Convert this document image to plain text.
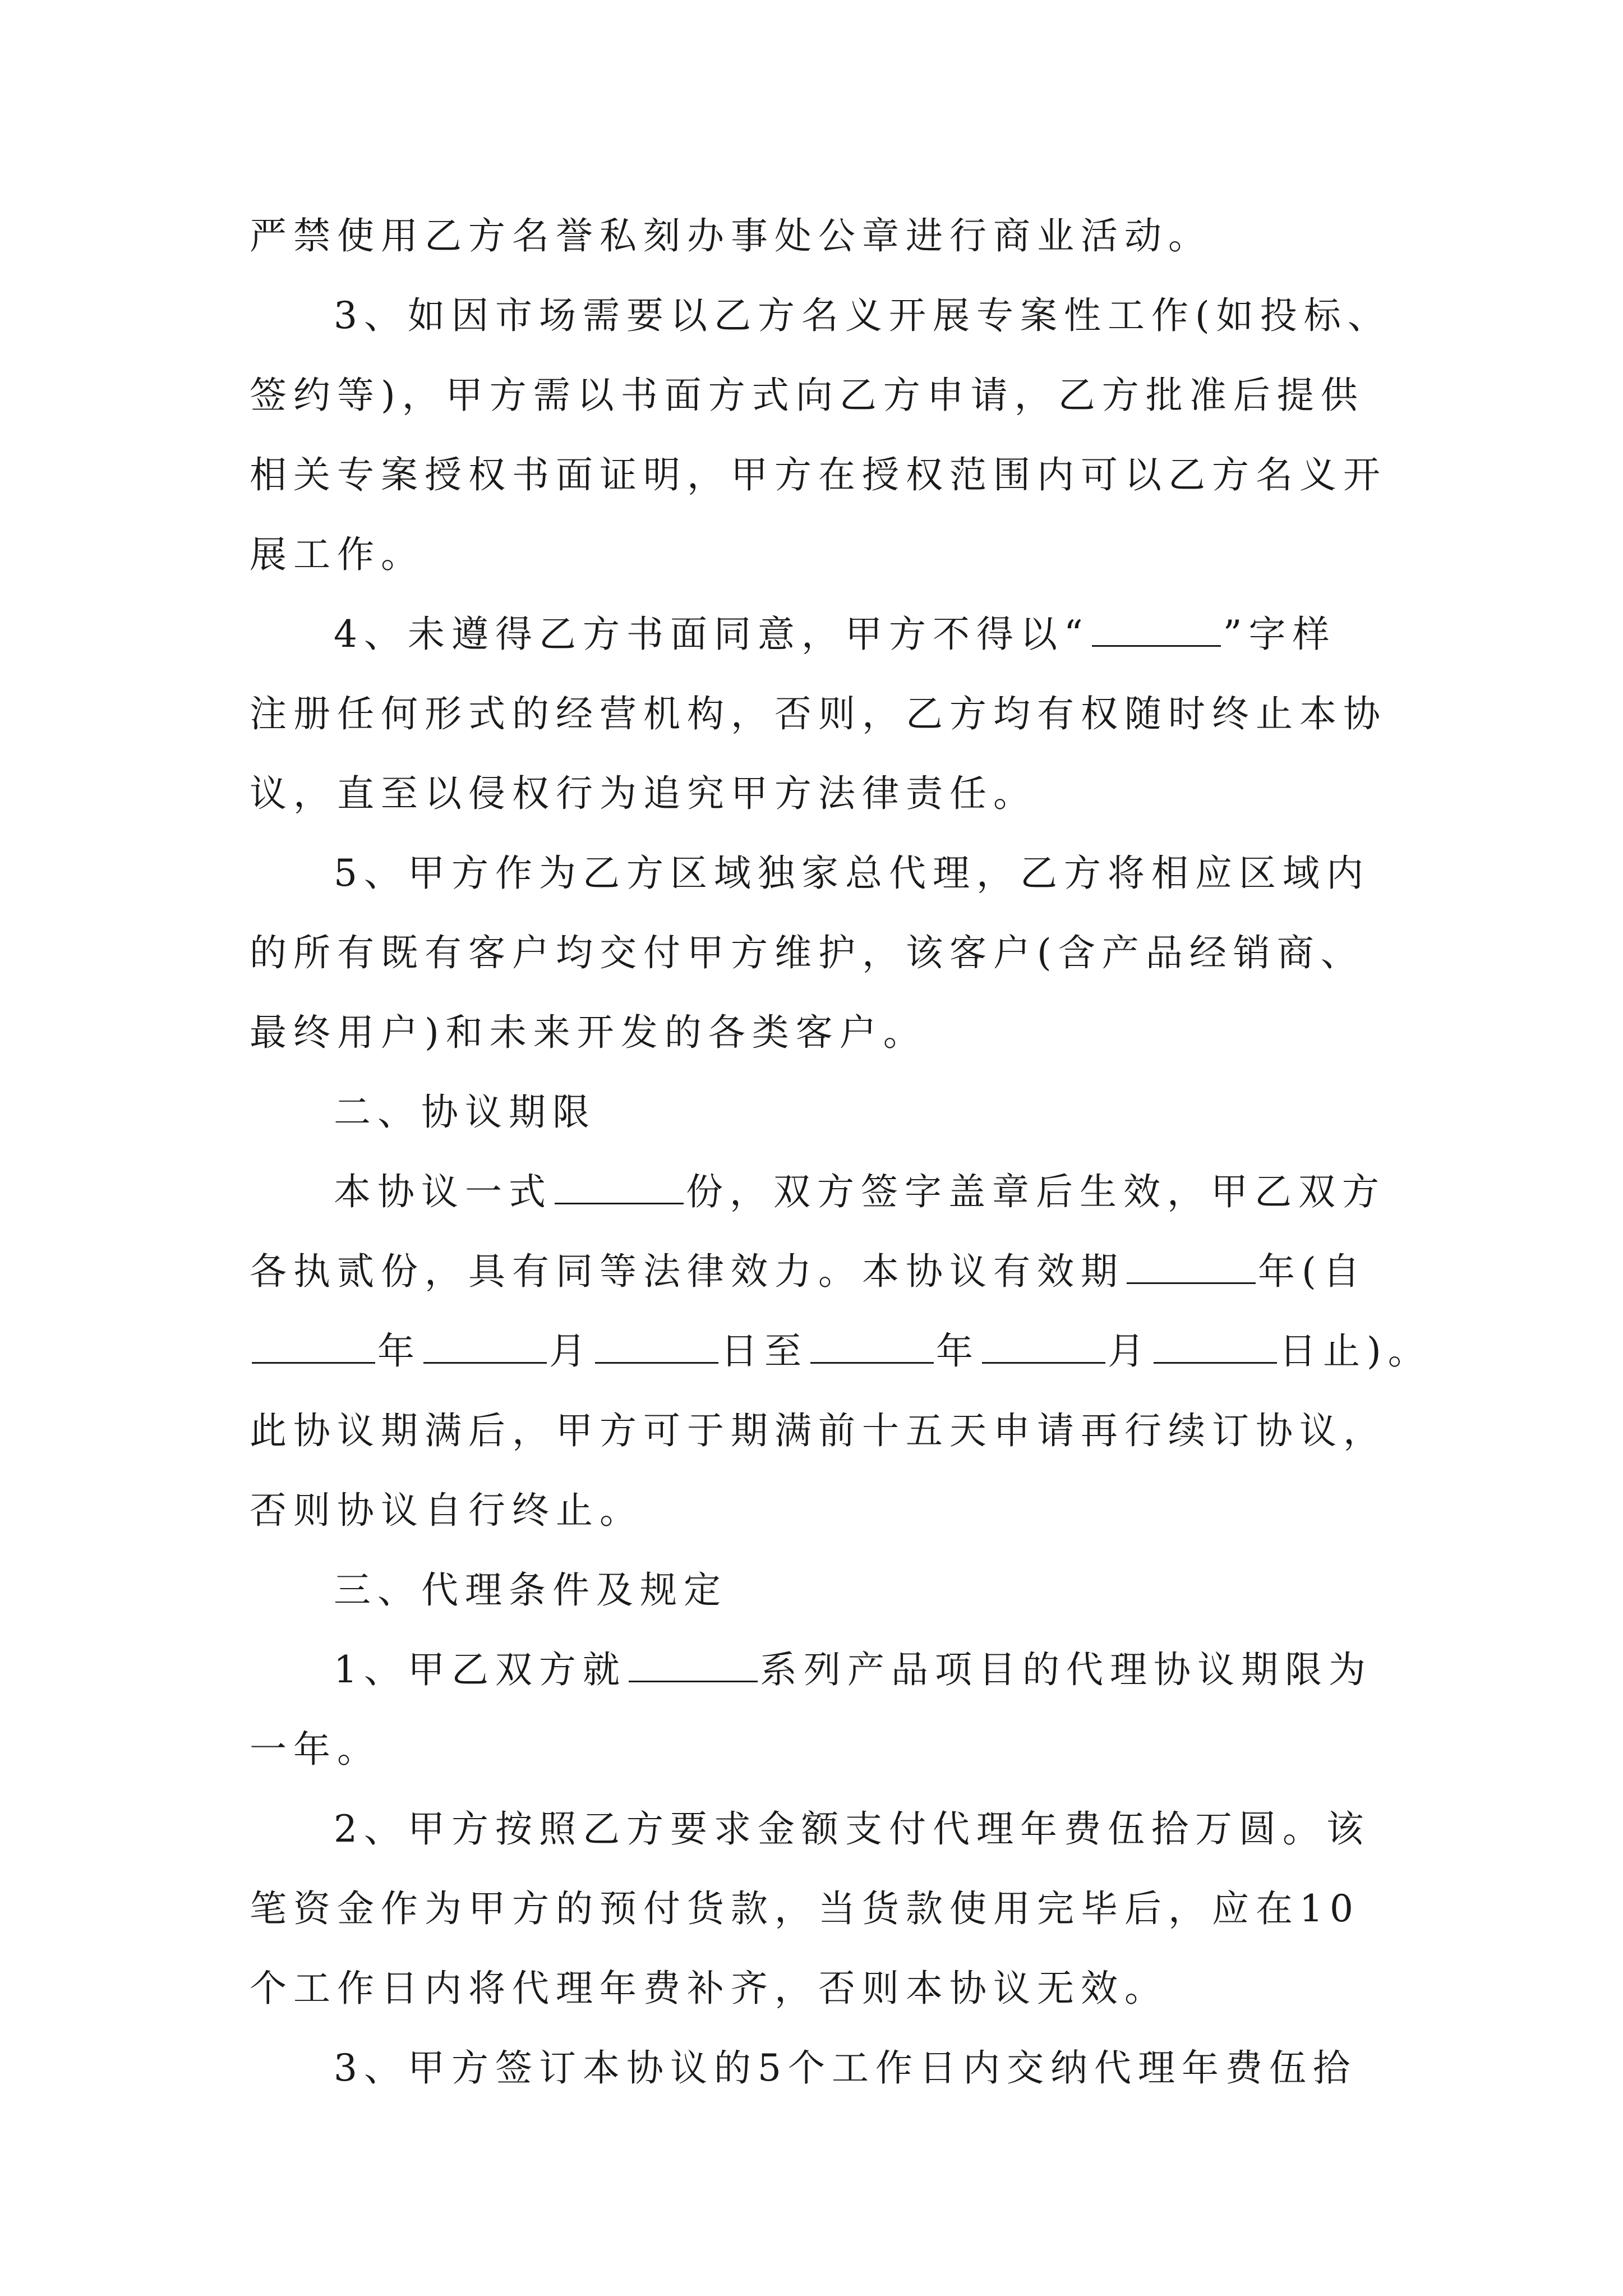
严禁使用乙方名誉私刻办事处公章进行商业活动。
3、如因市场需要以乙方名义开展专案性工作(如投标、
签约等)，甲方需以书面方式向乙方申请，乙方批准后提供
相关专案授权书面证明，甲方在授权范围内可以乙方名义开
展工作。
4、未遵得乙方书面同意，甲方不得以“	”字样
注册任何形式的经营机构，否则，乙方均有权随时终止本协
议，直至以侵权行为追究甲方法律责任。
5、甲方作为乙方区域独家总代理，乙方将相应区域内
的所有既有客户均交付甲方维护，该客户(含产品经销商、
最终用户)和未来开发的各类客户。
二、协议期限
本协议一式	份，双方签字盖章后生效，甲乙双方
各执贰份，具有同等法律效力。本协议有效期	年(自
年	月	日至	年	月	日止)。
此协议期满后，甲方可于期满前十五天申请再行续订协议，
否则协议自行终止。
三、代理条件及规定
1、甲乙双方就	系列产品项目的代理协议期限为
一年。
2、甲方按照乙方要求金额支付代理年费伍拾万圆。该
笔资金作为甲方的预付货款，当货款使用完毕后，应在10
个工作日内将代理年费补齐，否则本协议无效。
3、甲方签订本协议的5个工作日内交纳代理年费伍拾
